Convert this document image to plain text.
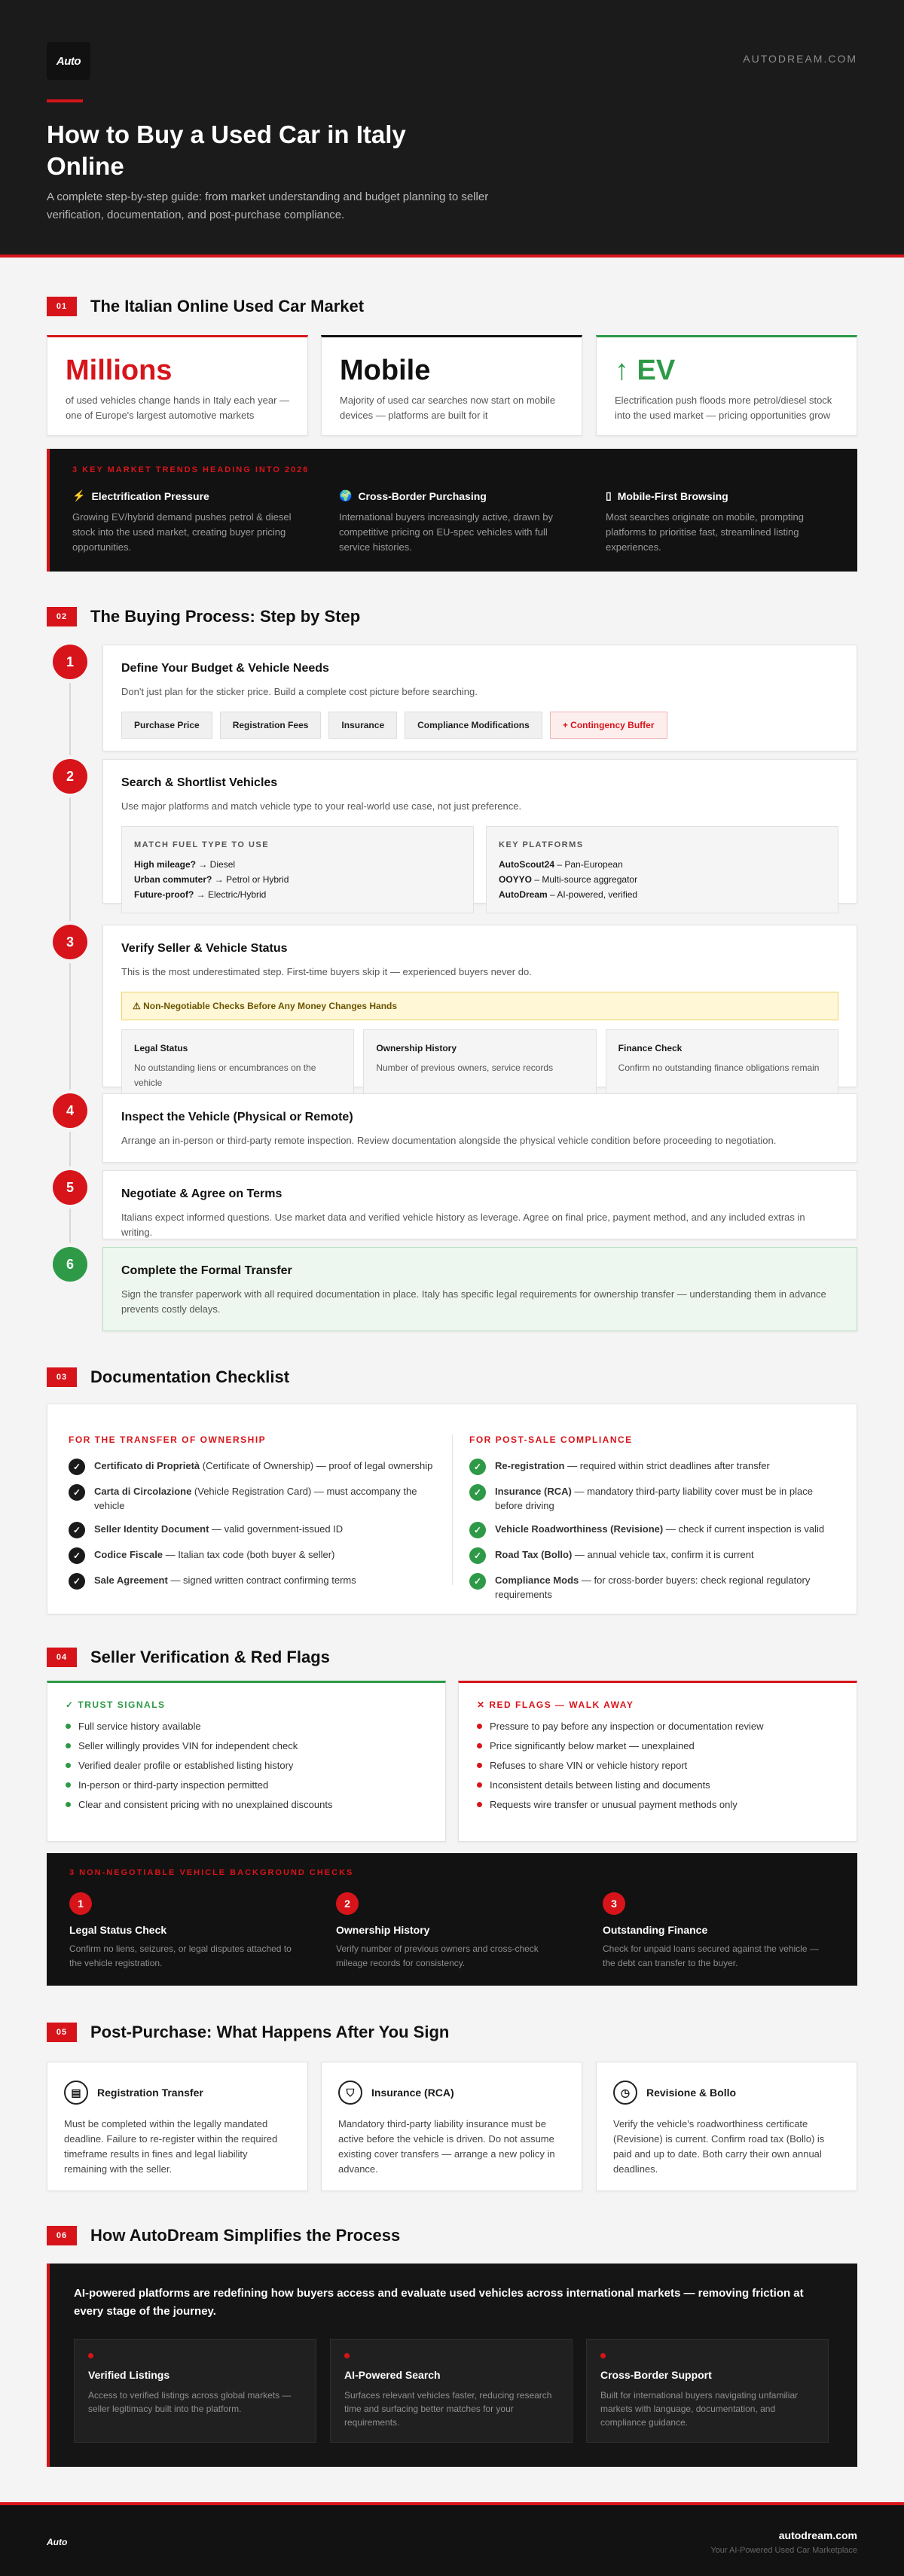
Auto	AUTODREAM.COM
How to Buy a Used Car in Italy Online

A complete step-by-step guide: from market understanding and budget planning to seller verification, documentation, and post-purchase compliance.

01	The Italian Online Used Car Market
Millions
of used vehicles change hands in Italy each year — one of Europe's largest automotive markets
Mobile
Majority of used car searches now start on mobile devices — platforms are built for it
↑ EV
Electrification push floods more petrol/diesel stock into the used market — pricing opportunities grow
3 KEY MARKET TRENDS HEADING INTO 2026
⚡ Electrification Pressure
Growing EV/hybrid demand pushes petrol & diesel stock into the used market, creating buyer pricing opportunities.
🌍 Cross-Border Purchasing
International buyers increasingly active, drawn by competitive pricing on EU-spec vehicles with full service histories.
▯ Mobile-First Browsing
Most searches originate on mobile, prompting platforms to prioritise fast, streamlined listing experiences.
02	The Buying Process: Step by Step
1	Define Your Budget & Vehicle Needs
Don't just plan for the sticker price. Build a complete cost picture before searching.
Purchase Price	Registration Fees	Insurance	Compliance Modifications	+ Contingency Buffer
2	Search & Shortlist Vehicles
Use major platforms and match vehicle type to your real-world use case, not just preference.
MATCH FUEL TYPE TO USE
High mileage? → Diesel
Urban commuter? → Petrol or Hybrid
Future-proof? → Electric/Hybrid
KEY PLATFORMS
AutoScout24 – Pan-European
OOYYO – Multi-source aggregator
AutoDream – AI-powered, verified
3	Verify Seller & Vehicle Status
This is the most underestimated step. First-time buyers skip it — experienced buyers never do.
⚠ Non-Negotiable Checks Before Any Money Changes Hands
Legal Status
No outstanding liens or encumbrances on the vehicle
Ownership History
Number of previous owners, service records
Finance Check
Confirm no outstanding finance obligations remain
4	Inspect the Vehicle (Physical or Remote)
Arrange an in-person or third-party remote inspection. Review documentation alongside the physical vehicle condition before proceeding to negotiation.
5	Negotiate & Agree on Terms
Italians expect informed questions. Use market data and verified vehicle history as leverage. Agree on final price, payment method, and any included extras in writing.
6	Complete the Formal Transfer
Sign the transfer paperwork with all required documentation in place. Italy has specific legal requirements for ownership transfer — understanding them in advance prevents costly delays.
03	Documentation Checklist
FOR THE TRANSFER OF OWNERSHIP
✓	Certificato di Proprietà (Certificate of Ownership) — proof of legal ownership
✓	Carta di Circolazione (Vehicle Registration Card) — must accompany the vehicle
✓	Seller Identity Document — valid government-issued ID
✓	Codice Fiscale — Italian tax code (both buyer & seller)
✓	Sale Agreement — signed written contract confirming terms
FOR POST-SALE COMPLIANCE
✓	Re-registration — required within strict deadlines after transfer
✓	Insurance (RCA) — mandatory third-party liability cover must be in place before driving
✓	Vehicle Roadworthiness (Revisione) — check if current inspection is valid
✓	Road Tax (Bollo) — annual vehicle tax, confirm it is current
✓	Compliance Mods — for cross-border buyers: check regional regulatory requirements
04	Seller Verification & Red Flags
✓ TRUST SIGNALS
Full service history available
Seller willingly provides VIN for independent check
Verified dealer profile or established listing history
In-person or third-party inspection permitted
Clear and consistent pricing with no unexplained discounts
✕ RED FLAGS — WALK AWAY
Pressure to pay before any inspection or documentation review
Price significantly below market — unexplained
Refuses to share VIN or vehicle history report
Inconsistent details between listing and documents
Requests wire transfer or unusual payment methods only
3 NON-NEGOTIABLE VEHICLE BACKGROUND CHECKS
1
Legal Status Check
Confirm no liens, seizures, or legal disputes attached to the vehicle registration.
2
Ownership History
Verify number of previous owners and cross-check mileage records for consistency.
3
Outstanding Finance
Check for unpaid loans secured against the vehicle — the debt can transfer to the buyer.
05	Post-Purchase: What Happens After You Sign
▤	Registration Transfer
Must be completed within the legally mandated deadline. Failure to re-register within the required timeframe results in fines and legal liability remaining with the seller.
⛉	Insurance (RCA)
Mandatory third-party liability insurance must be active before the vehicle is driven. Do not assume existing cover transfers — arrange a new policy in advance.
◷	Revisione & Bollo
Verify the vehicle's roadworthiness certificate (Revisione) is current. Confirm road tax (Bollo) is paid and up to date. Both carry their own annual deadlines.
06	How AutoDream Simplifies the Process
AI-powered platforms are redefining how buyers access and evaluate used vehicles across international markets — removing friction at every stage of the journey.
Verified Listings
Access to verified listings across global markets — seller legitimacy built into the platform.
AI-Powered Search
Surfaces relevant vehicles faster, reducing research time and surfacing better matches for your requirements.
Cross-Border Support
Built for international buyers navigating unfamiliar markets with language, documentation, and compliance guidance.
Auto
autodream.com
Your AI-Powered Used Car Marketplace
